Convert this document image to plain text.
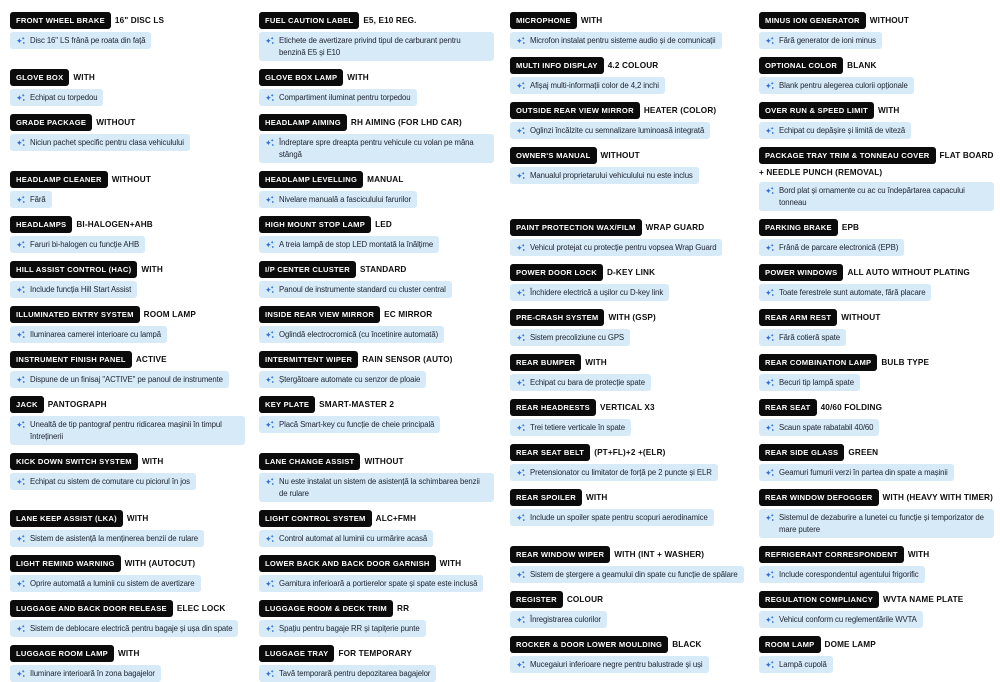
FRONT WHEEL BRAKE 16" DISC LS
Disc 16" LS frână pe roata din față
FUEL CAUTION LABEL E5, E10 REG.
Etichete de avertizare privind tipul de carburant pentru benzină E5 și E10
GLOVE BOX WITH
Echipat cu torpedou
GLOVE BOX LAMP WITH
Compartiment iluminat pentru torpedou
GRADE PACKAGE WITHOUT
Niciun pachet specific pentru clasa vehiculului
HEADLAMP AIMING RH AIMING (FOR LHD CAR)
Îndreptare spre dreapta pentru vehicule cu volan pe mâna stângă
HEADLAMP CLEANER WITHOUT
Fără
HEADLAMP LEVELLING MANUAL
Nivelare manuală a fasciculului farurilor
HEADLAMPS BI-HALOGEN+AHB
Faruri bi-halogen cu funcție AHB
HIGH MOUNT STOP LAMP LED
A treia lampă de stop LED montată la înălțime
HILL ASSIST CONTROL (HAC) WITH
Include funcția Hill Start Assist
I/P CENTER CLUSTER STANDARD
Panoul de instrumente standard cu cluster central
ILLUMINATED ENTRY SYSTEM ROOM LAMP
Iluminarea camerei interioare cu lampă
INSIDE REAR VIEW MIRROR EC MIRROR
Oglindă electrocromică (cu încetinire automată)
INSTRUMENT FINISH PANEL ACTIVE
Dispune de un finisaj "ACTIVE" pe panoul de instrumente
INTERMITTENT WIPER RAIN SENSOR (AUTO)
Ștergătoare automate cu senzor de ploaie
JACK PANTOGRAPH
Unealtă de tip pantograf pentru ridicarea mașinii în timpul întreținerii
KEY PLATE SMART-MASTER 2
Placă Smart-key cu funcție de cheie principală
KICK DOWN SWITCH SYSTEM WITH
Echipat cu sistem de comutare cu piciorul în jos
LANE CHANGE ASSIST WITHOUT
Nu este instalat un sistem de asistență la schimbarea benzii de rulare
LANE KEEP ASSIST (LKA) WITH
Sistem de asistență la menținerea benzii de rulare
LIGHT CONTROL SYSTEM ALC+FMH
Control automat al luminii cu urmărire acasă
LIGHT REMIND WARNING WITH (AUTOCUT)
Oprire automată a luminii cu sistem de avertizare
LOWER BACK AND BACK DOOR GARNISH WITH
Garnitura inferioară a portierelor spate și spate este inclusă
LUGGAGE AND BACK DOOR RELEASE ELEC LOCK
Sistem de deblocare electrică pentru bagaje și ușa din spate
LUGGAGE ROOM & DECK TRIM RR
Spațiu pentru bagaje RR și tapițerie punte
LUGGAGE ROOM LAMP WITH
Iluminare interioară în zona bagajelor
LUGGAGE TRAY FOR TEMPORARY
Tavă temporară pentru depozitarea bagajelor
MICROPHONE WITH
Microfon instalat pentru sisteme audio și de comunicații
MINUS ION GENERATOR WITHOUT
Fără generator de ioni minus
MULTI INFO DISPLAY 4.2 COLOUR
Afișaj multi-informații color de 4,2 inchi
OPTIONAL COLOR BLANK
Blank pentru alegerea culorii opționale
OUTSIDE REAR VIEW MIRROR HEATER (COLOR)
Oglinzi încălzite cu semnalizare luminoasă integrată
OVER RUN & SPEED LIMIT WITH
Echipat cu depășire și limită de viteză
OWNER'S MANUAL WITHOUT
Manualul proprietarului vehiculului nu este inclus
PACKAGE TRAY TRIM & TONNEAU COVER FLAT BOARD + NEEDLE PUNCH (REMOVAL)
Bord plat și ornamente cu ac cu îndepărtarea capacului tonneau
PAINT PROTECTION WAX/FILM WRAP GUARD
Vehicul protejat cu protecție pentru vopsea Wrap Guard
PARKING BRAKE EPB
Frână de parcare electronică (EPB)
POWER DOOR LOCK D-KEY LINK
Închidere electrică a ușilor cu D-key link
POWER WINDOWS ALL AUTO WITHOUT PLATING
Toate ferestrele sunt automate, fără placare
PRE-CRASH SYSTEM WITH (GSP)
Sistem precoliziune cu GPS
REAR ARM REST WITHOUT
Fără cotieră spate
REAR BUMPER WITH
Echipat cu bara de protecție spate
REAR COMBINATION LAMP BULB TYPE
Becuri tip lampă spate
REAR HEADRESTS VERTICAL X3
Trei tetiere verticale în spate
REAR SEAT 40/60 FOLDING
Scaun spate rabatabil 40/60
REAR SEAT BELT (PT+FL)+2 +(ELR)
Pretensionator cu limitator de forță pe 2 puncte și ELR
REAR SIDE GLASS GREEN
Geamuri fumurii verzi în partea din spate a mașinii
REAR SPOILER WITH
Include un spoiler spate pentru scopuri aerodinamice
REAR WINDOW DEFOGGER WITH (HEAVY WITH TIMER)
Sistemul de dezaburire a lunetei cu funcție și temporizator de mare putere
REAR WINDOW WIPER WITH (INT + WASHER)
Sistem de ștergere a geamului din spate cu funcție de spălare
REFRIGERANT CORRESPONDENT WITH
Include corespondentul agentului frigorific
REGISTER COLOUR
Înregistrarea culorilor
REGULATION COMPLIANCY WVTA NAME PLATE
Vehicul conform cu reglementările WVTA
ROCKER & DOOR LOWER MOULDING BLACK
Mucegaiuri inferioare negre pentru balustrade și uși
ROOM LAMP DOME LAMP
Lampă cupolă
